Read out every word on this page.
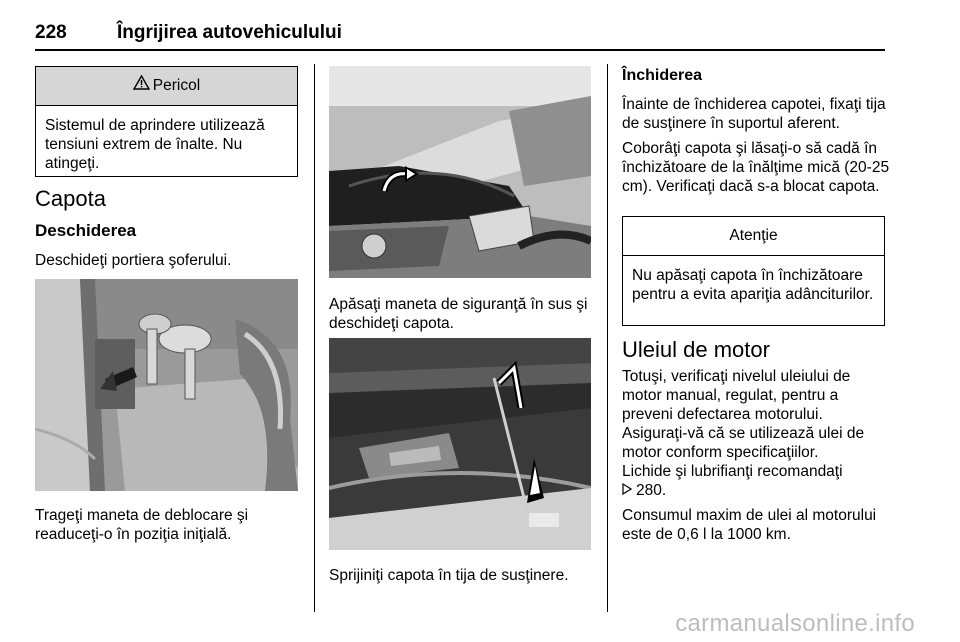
228	Îngrijirea autovehiculului
Pericol
Sistemul de aprindere utilizează tensiuni extrem de înalte. Nu atingeţi.
Capota
Deschiderea
Deschideţi portiera şoferului.
Trageţi maneta de deblocare şi readuceţi-o în poziţia iniţială.
Apăsaţi maneta de siguranţă în sus şi deschideţi capota.
Sprijiniţi capota în tija de susţinere.
Închiderea
Înainte de închiderea capotei, fixaţi tija de susţinere în suportul aferent.
Coborâţi capota şi lăsaţi-o să cadă în închizătoare de la înălţime mică (20-25 cm). Verificaţi dacă s-a blocat capota.
Atenţie
Nu apăsaţi capota în închizătoare pentru a evita apariţia adânciturilor.
Uleiul de motor
Totuşi, verificaţi nivelul uleiului de motor manual, regulat, pentru a preveni defectarea motorului. Asiguraţi-vă că se utilizează ulei de motor conform specificaţiilor.
Lichide şi lubrifianţi recomandaţi
280.
Consumul maxim de ulei al motorului este de 0,6 l la 1000 km.
carmanualsonline.info
